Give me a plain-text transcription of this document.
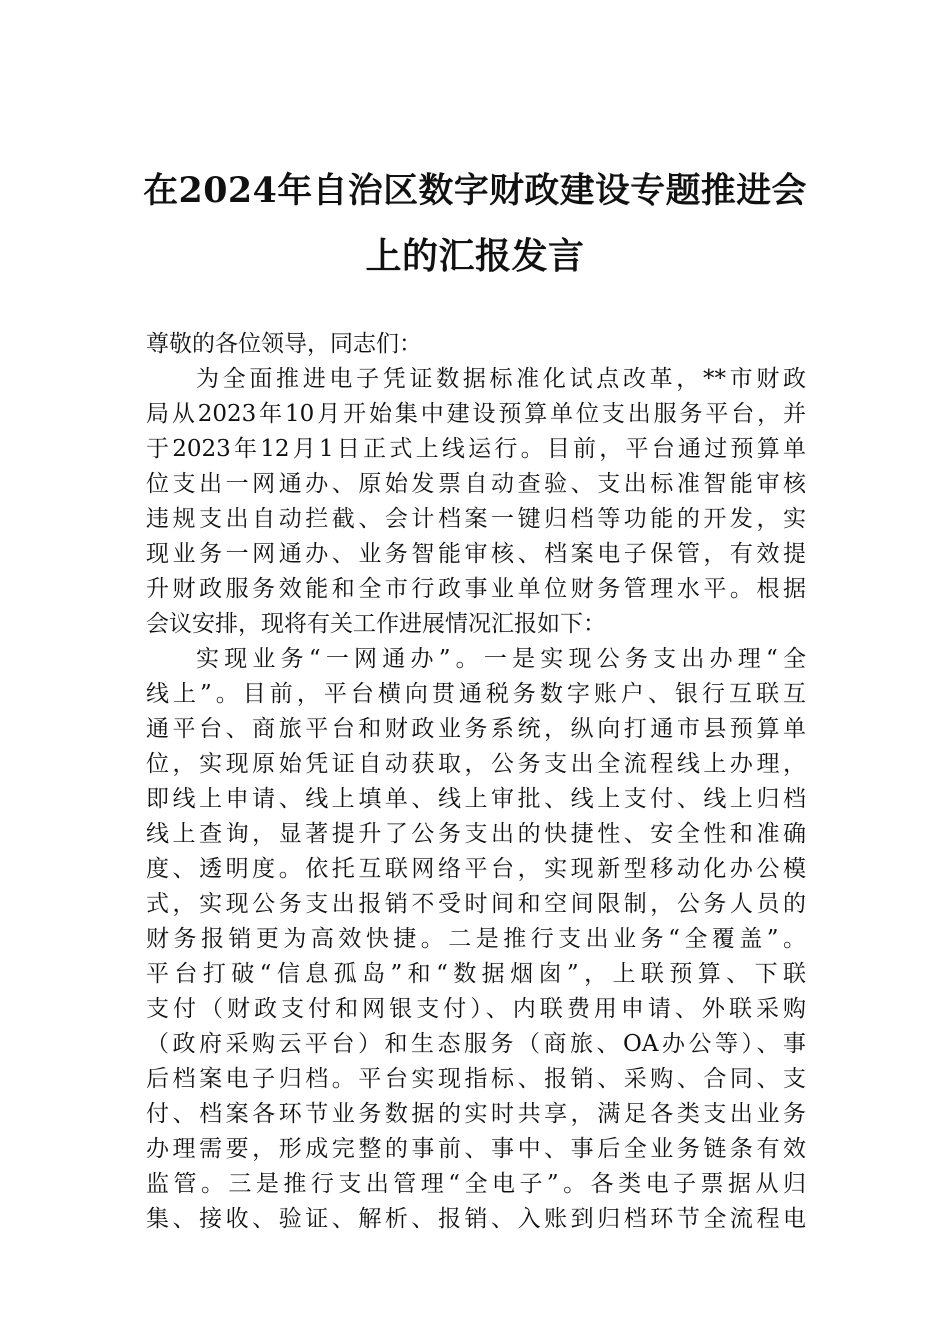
在2024年自治区数字财政建设专题推进会
上的汇报发言
尊敬的各位领导，同志们：
为全面推进电子凭证数据标准化试点改革，**市财政
局从2023年10月开始集中建设预算单位支出服务平台，并
于2023年12月1日正式上线运行。目前，平台通过预算单
位支出一网通办、原始发票自动查验、支出标准智能审核
违规支出自动拦截、会计档案一键归档等功能的开发，实
现业务一网通办、业务智能审核、档案电子保管，有效提
升财政服务效能和全市行政事业单位财务管理水平。根据
会议安排，现将有关工作进展情况汇报如下：
实现业务“一网通办”。一是实现公务支出办理“全
线上”。目前，平台横向贯通税务数字账户、银行互联互
通平台、商旅平台和财政业务系统，纵向打通市县预算单
位，实现原始凭证自动获取，公务支出全流程线上办理，
即线上申请、线上填单、线上审批、线上支付、线上归档
线上查询，显著提升了公务支出的快捷性、安全性和准确
度、透明度。依托互联网络平台，实现新型移动化办公模
式，实现公务支出报销不受时间和空间限制，公务人员的
财务报销更为高效快捷。二是推行支出业务“全覆盖”。
平台打破“信息孤岛”和“数据烟囱”，上联预算、下联
支付（财政支付和网银支付）、内联费用申请、外联采购
（政府采购云平台）和生态服务（商旅、OA办公等）、事
后档案电子归档。平台实现指标、报销、采购、合同、支
付、档案各环节业务数据的实时共享，满足各类支出业务
办理需要，形成完整的事前、事中、事后全业务链条有效
监管。三是推行支出管理“全电子”。各类电子票据从归
集、接收、验证、解析、报销、入账到归档环节全流程电
